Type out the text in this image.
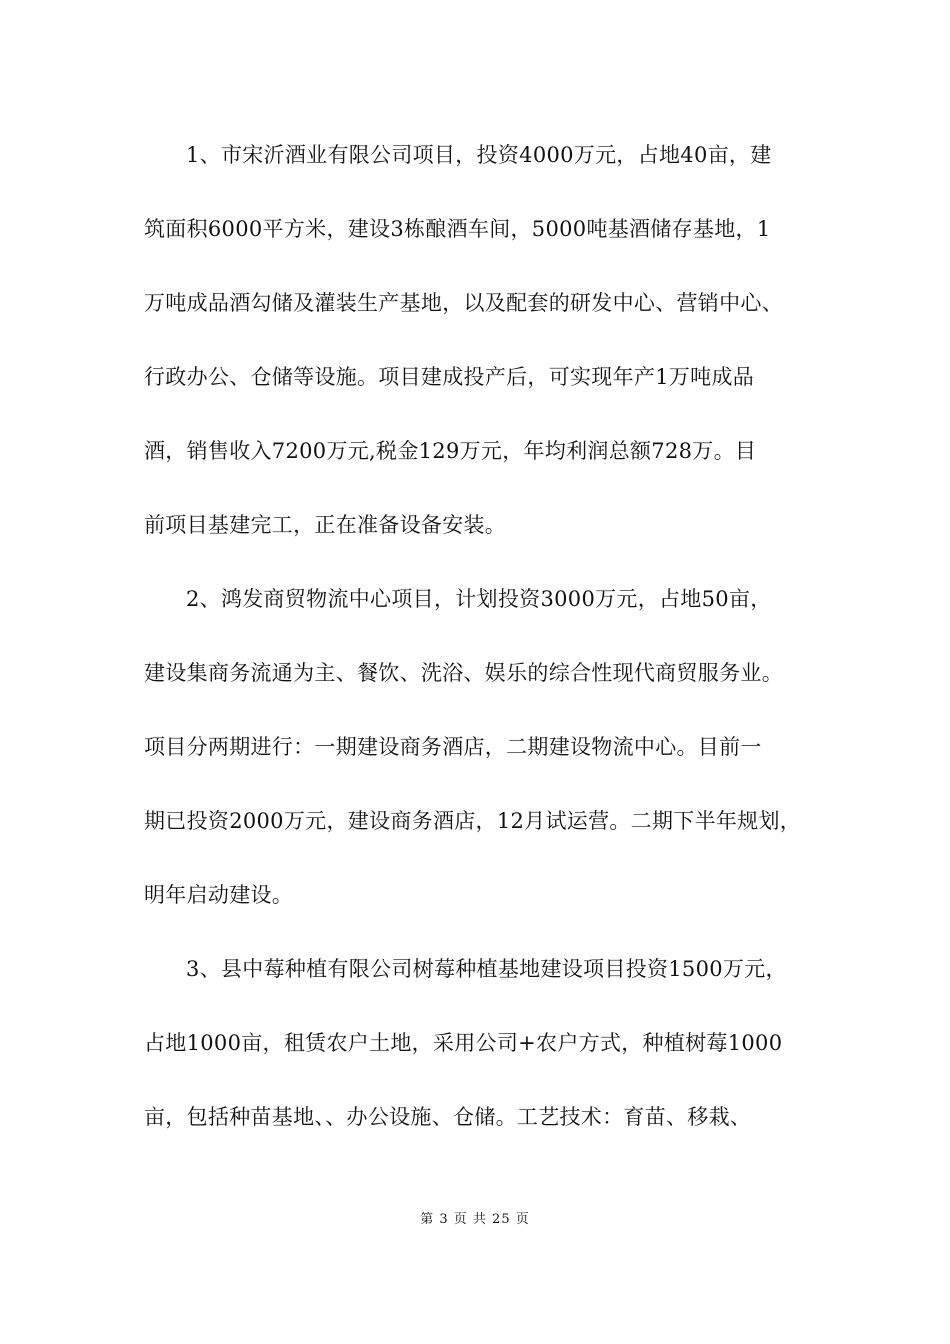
1、市宋沂酒业有限公司项目，投资4000万元，占地40亩，建
筑面积6000平方米，建设3栋酿酒车间，5000吨基酒储存基地，1
万吨成品酒勾储及灌装生产基地，以及配套的研发中心、营销中心、
行政办公、仓储等设施。项目建成投产后，可实现年产1万吨成品
酒，销售收入7200万元,税金129万元，年均利润总额728万。目
前项目基建完工，正在准备设备安装。
2、鸿发商贸物流中心项目，计划投资3000万元，占地50亩，
建设集商务流通为主、餐饮、洗浴、娱乐的综合性现代商贸服务业。
项目分两期进行：一期建设商务酒店，二期建设物流中心。目前一
期已投资2000万元，建设商务酒店，12月试运营。二期下半年规划，
明年启动建设。
3、县中莓种植有限公司树莓种植基地建设项目投资1500万元，
占地1000亩，租赁农户土地，采用公司+农户方式，种植树莓1000
亩，包括种苗基地、、办公设施、仓储。工艺技术：育苗、移栽、
第 3 页 共 25 页
